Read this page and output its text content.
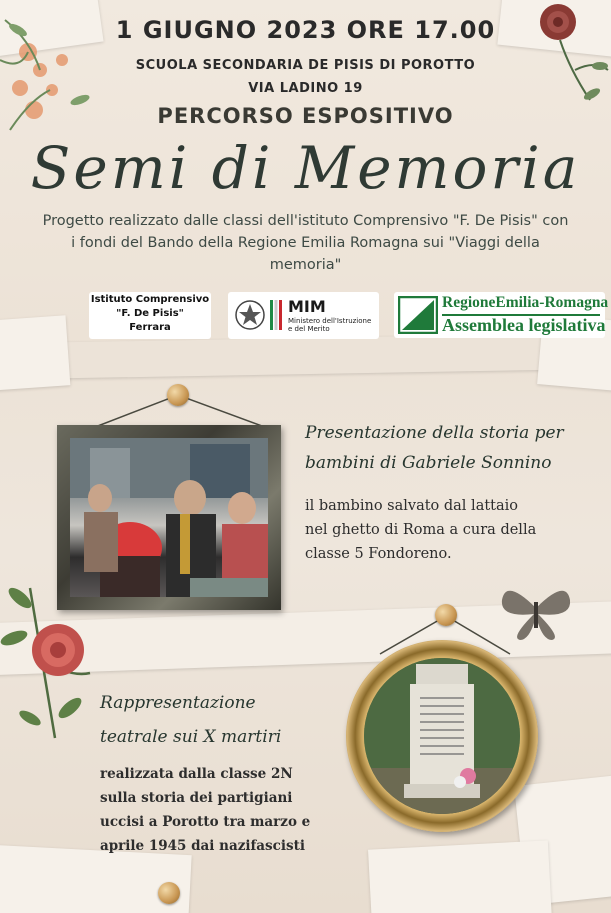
1 GIUGNO 2023 ORE 17.00
SCUOLA SECONDARIA DE PISIS DI POROTTO
VIA LADINO 19
PERCORSO ESPOSITIVO
Semi di Memoria
Progetto realizzato dalle classi dell'istituto Comprensivo "F. De Pisis" con i fondi del Bando della Regione Emilia Romagna sui "Viaggi della memoria"
Istituto Comprensivo
"F. De Pisis"
Ferrara
MIM
Ministero dell'Istruzione
e del Merito
RegioneEmilia-Romagna
Assemblea legislativa
Presentazione della storia per
bambini di Gabriele Sonnino
il bambino salvato dal lattaio
nel ghetto di Roma a cura della
classe 5 Fondoreno.
Rappresentazione
teatrale sui X martiri
realizzata dalla classe 2N
sulla storia dei partigiani
uccisi a Porotto tra marzo e
aprile 1945 dai nazifascisti
